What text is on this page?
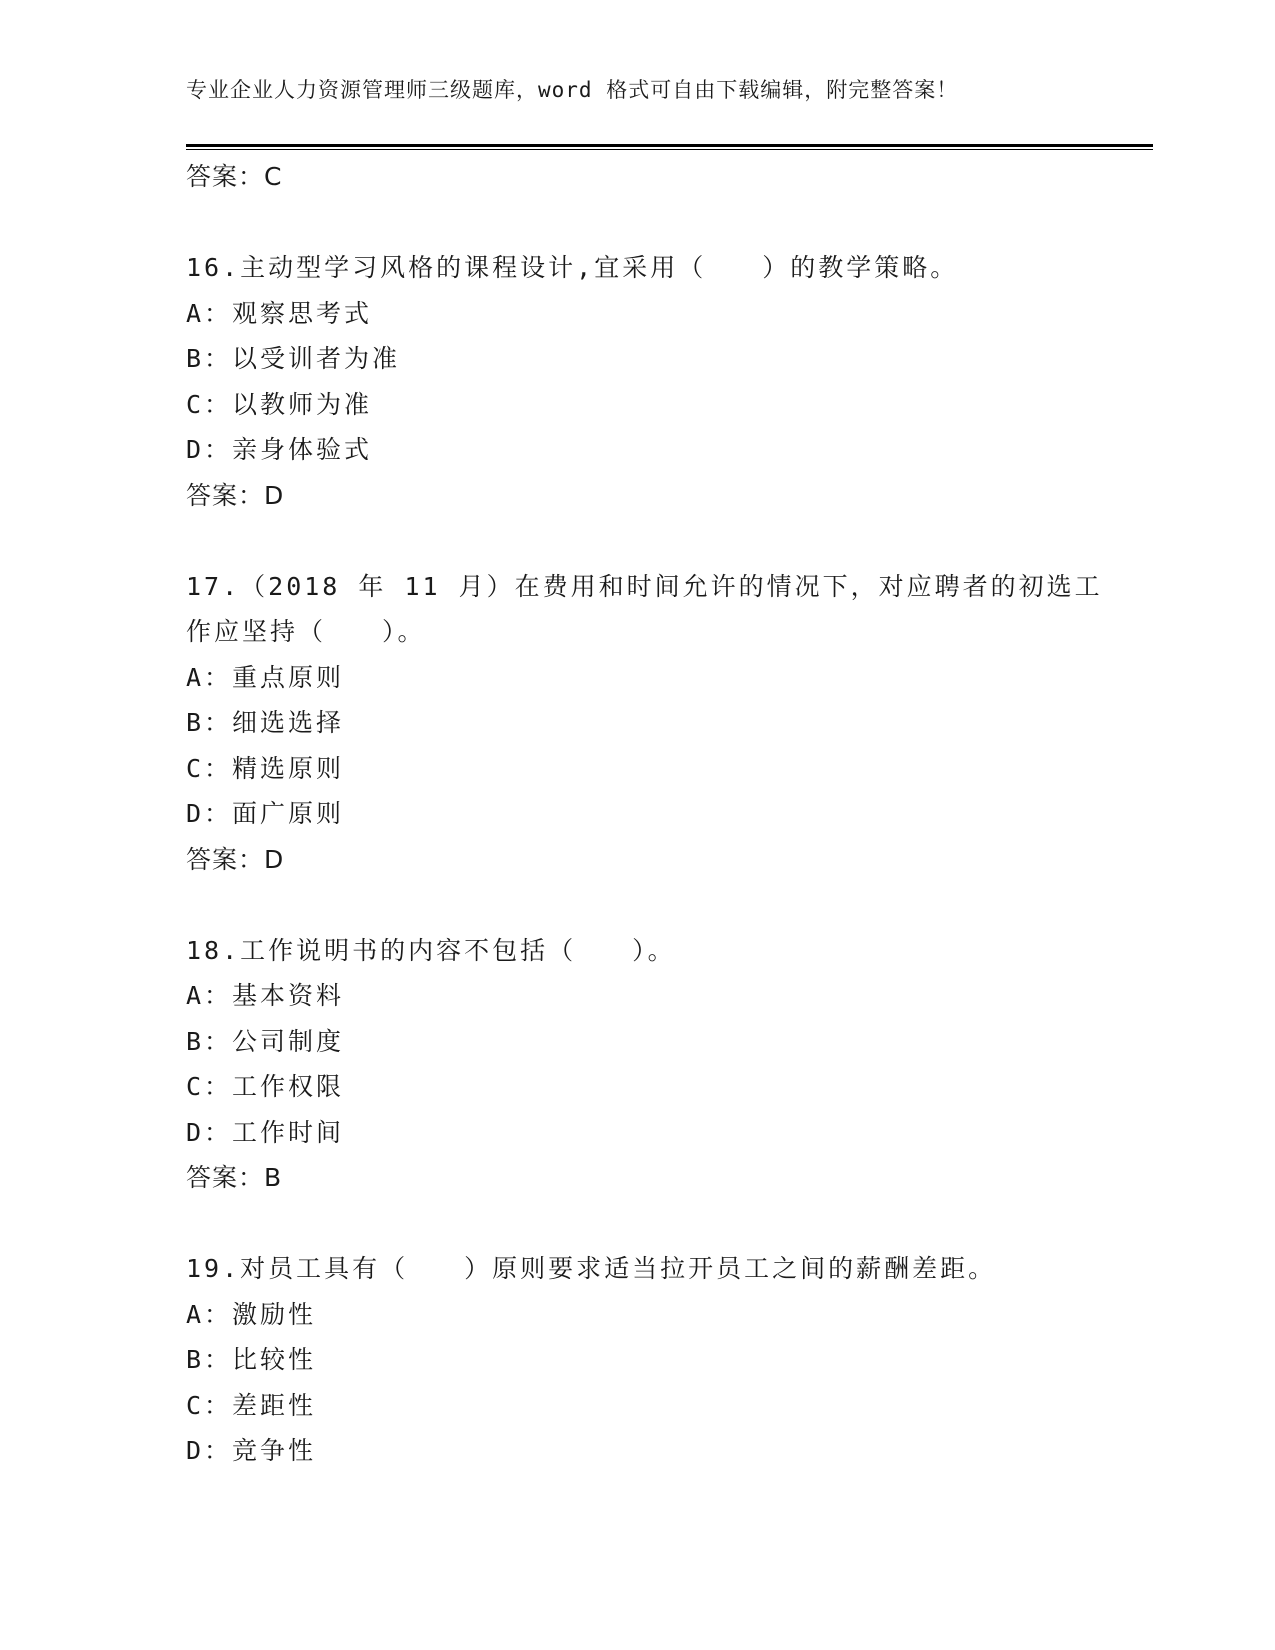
专业企业人力资源管理师三级题库，word 格式可自由下载编辑，附完整答案！
答案：C
16.主动型学习风格的课程设计,宜采用（　　）的教学策略。
A：观察思考式
B：以受训者为准
C：以教师为准
D：亲身体验式
答案：D
17.（2018 年 11 月）在费用和时间允许的情况下，对应聘者的初选工
作应坚持（　　）。
A：重点原则
B：细选选择
C：精选原则
D：面广原则
答案：D
18.工作说明书的内容不包括（　　）。
A：基本资料
B：公司制度
C：工作权限
D：工作时间
答案：B
19.对员工具有（　　）原则要求适当拉开员工之间的薪酬差距。
A：激励性
B：比较性
C：差距性
D：竞争性
